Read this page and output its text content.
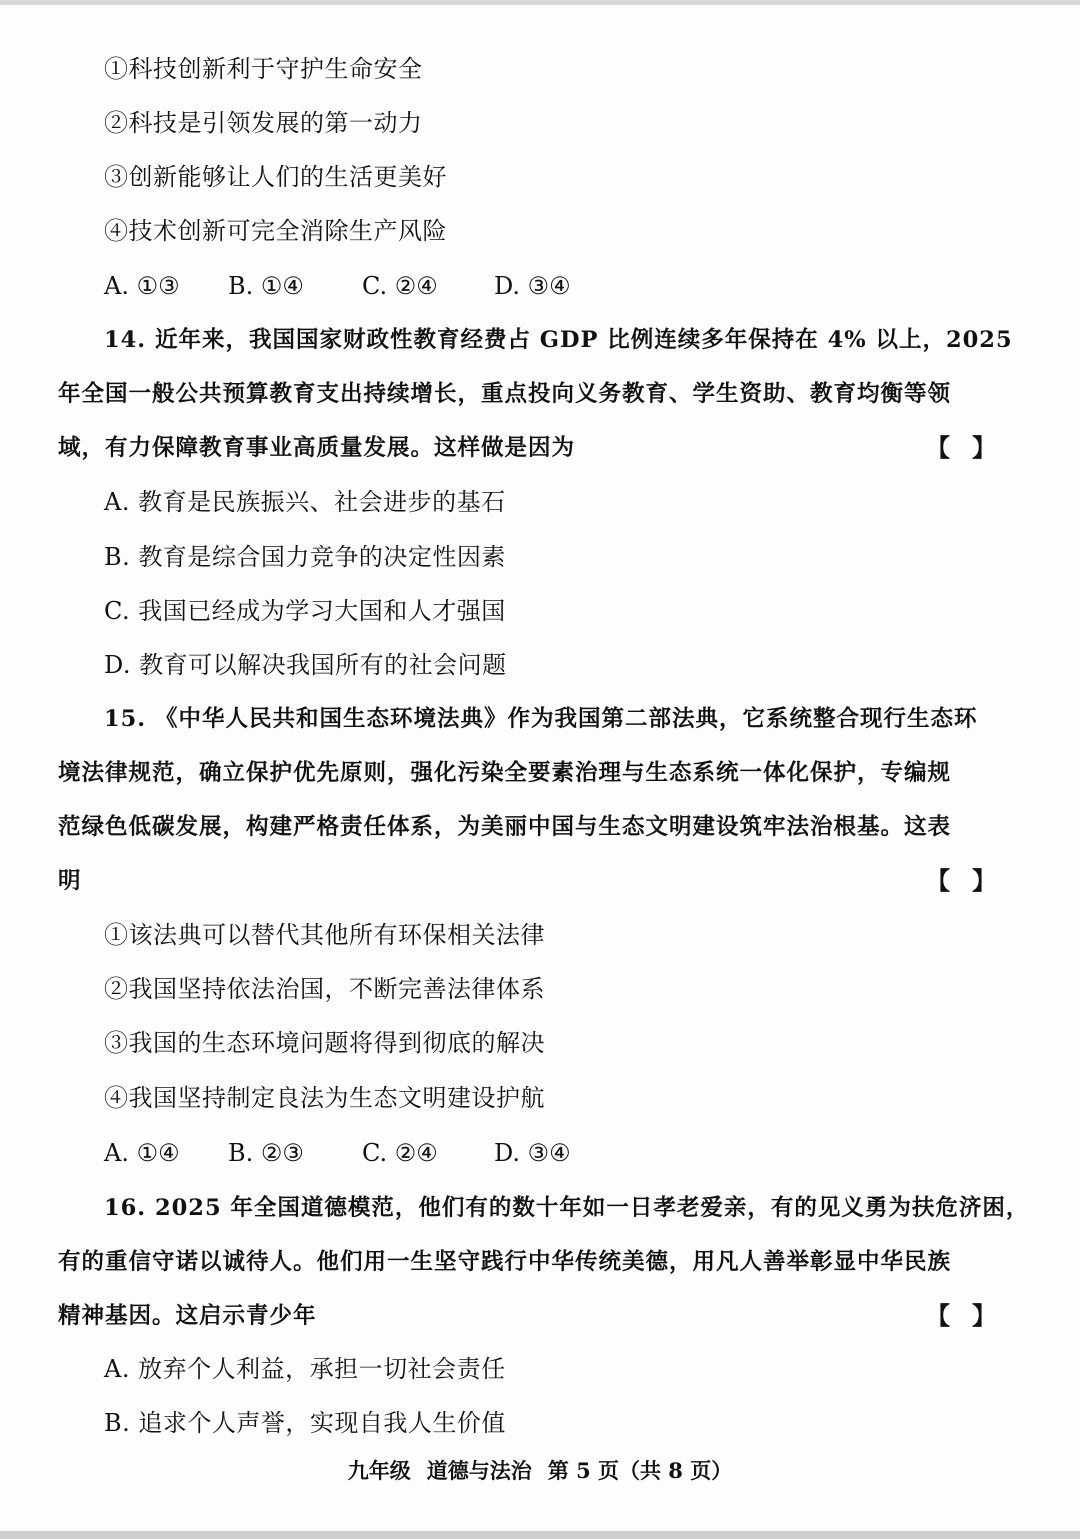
①科技创新利于守护生命安全
②科技是引领发展的第一动力
③创新能够让人们的生活更美好
④技术创新可完全消除生产风险
A. ①③ B. ①④ C. ②④ D. ③④
14. 近年来，我国国家财政性教育经费占 GDP 比例连续多年保持在 4% 以上，2025
年全国一般公共预算教育支出持续增长，重点投向义务教育、学生资助、教育均衡等领
域，有力保障教育事业高质量发展。这样做是因为	【 】
A. 教育是民族振兴、社会进步的基石
B. 教育是综合国力竞争的决定性因素
C. 我国已经成为学习大国和人才强国
D. 教育可以解决我国所有的社会问题
15. 《中华人民共和国生态环境法典》作为我国第二部法典，它系统整合现行生态环
境法律规范，确立保护优先原则，强化污染全要素治理与生态系统一体化保护，专编规
范绿色低碳发展，构建严格责任体系，为美丽中国与生态文明建设筑牢法治根基。这表
明	【 】
①该法典可以替代其他所有环保相关法律
②我国坚持依法治国，不断完善法律体系
③我国的生态环境问题将得到彻底的解决
④我国坚持制定良法为生态文明建设护航
A. ①④ B. ②③ C. ②④ D. ③④
16. 2025 年全国道德模范，他们有的数十年如一日孝老爱亲，有的见义勇为扶危济困，
有的重信守诺以诚待人。他们用一生坚守践行中华传统美德，用凡人善举彰显中华民族
精神基因。这启示青少年	【 】
A. 放弃个人利益，承担一切社会责任
B. 追求个人声誉，实现自我人生价值
九年级 道德与法治 第 5 页（共 8 页）
